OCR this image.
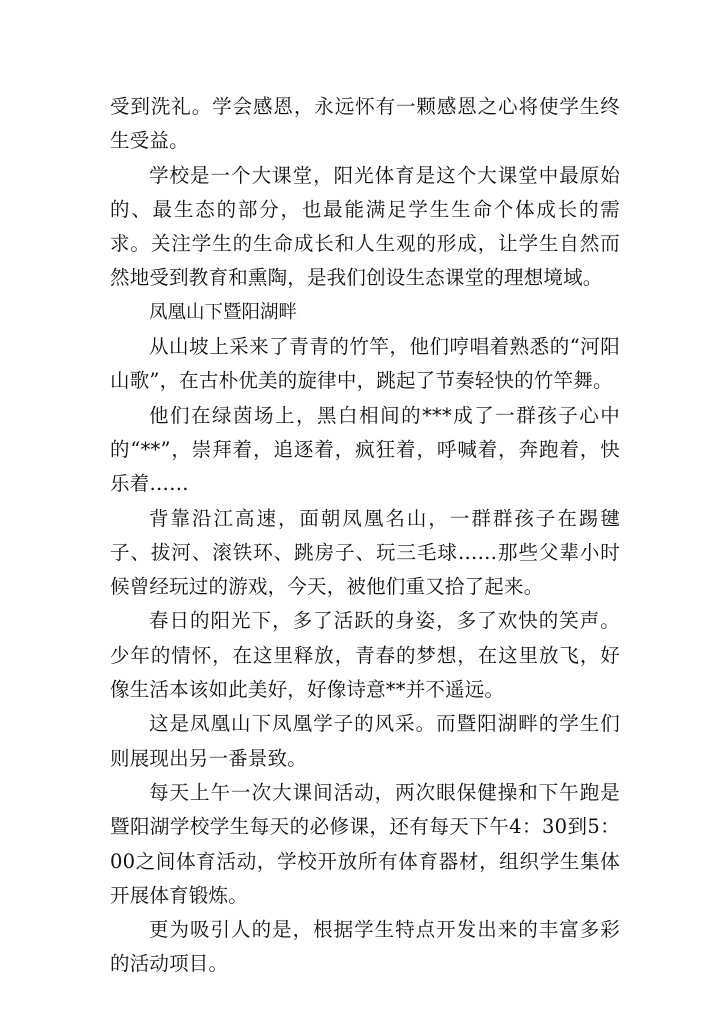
受到洗礼。学会感恩，永远怀有一颗感恩之心将使学生终生受益。

学校是一个大课堂，阳光体育是这个大课堂中最原始的、最生态的部分，也最能满足学生生命个体成长的需求。关注学生的生命成长和人生观的形成，让学生自然而然地受到教育和熏陶，是我们创设生态课堂的理想境域。

凤凰山下暨阳湖畔

从山坡上采来了青青的竹竿，他们哼唱着熟悉的“河阳山歌”，在古朴优美的旋律中，跳起了节奏轻快的竹竿舞。

他们在绿茵场上，黑白相间的***成了一群孩子心中的“**”，崇拜着，追逐着，疯狂着，呼喊着，奔跑着，快乐着……

背靠沿江高速，面朝凤凰名山，一群群孩子在踢毽子、拔河、滚铁环、跳房子、玩三毛球……那些父辈小时候曾经玩过的游戏，今天，被他们重又拾了起来。

春日的阳光下，多了活跃的身姿，多了欢快的笑声。少年的情怀，在这里释放，青春的梦想，在这里放飞，好像生活本该如此美好，好像诗意**并不遥远。

这是凤凰山下凤凰学子的风采。而暨阳湖畔的学生们则展现出另一番景致。

每天上午一次大课间活动，两次眼保健操和下午跑是暨阳湖学校学生每天的必修课，还有每天下午4：30到5：00之间体育活动，学校开放所有体育器材，组织学生集体开展体育锻炼。

更为吸引人的是，根据学生特点开发出来的丰富多彩的活动项目。
